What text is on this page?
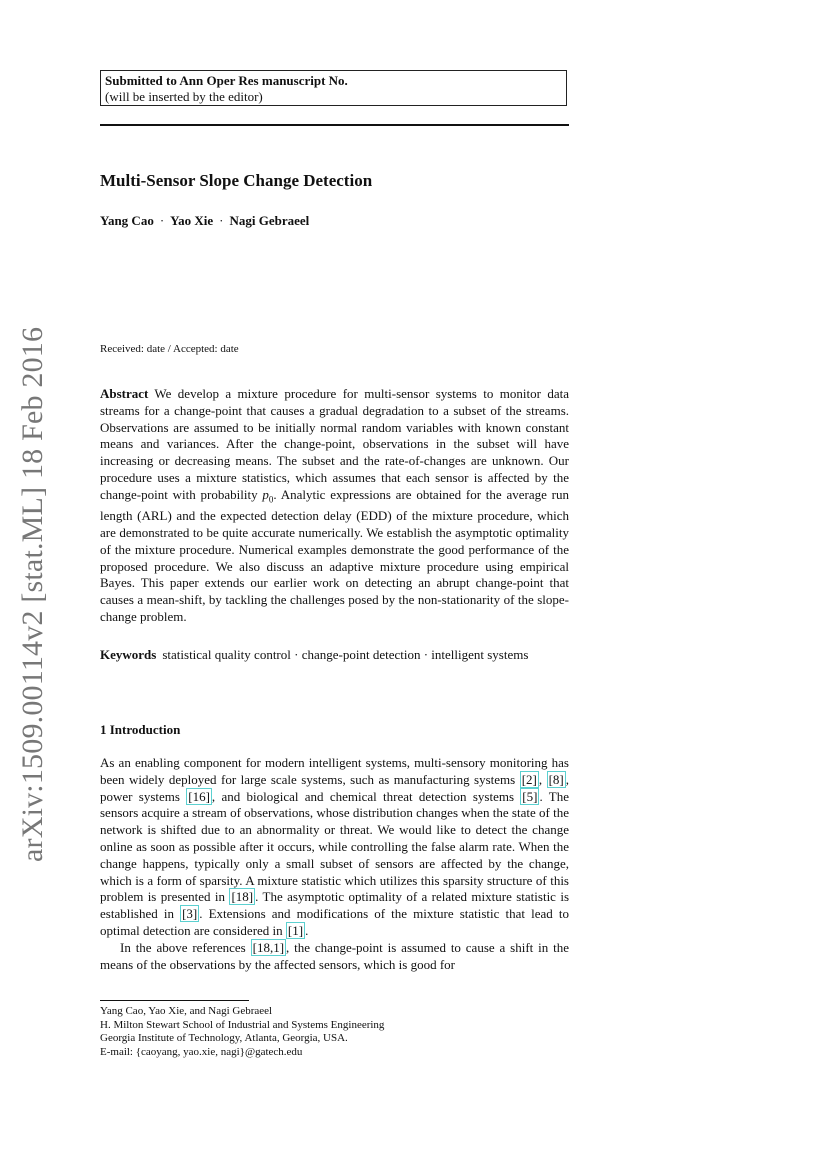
arXiv:1509.00114v2 [stat.ML] 18 Feb 2016
Submitted to Ann Oper Res manuscript No.
(will be inserted by the editor)
Multi-Sensor Slope Change Detection
Yang Cao · Yao Xie · Nagi Gebraeel
Received: date / Accepted: date
Abstract We develop a mixture procedure for multi-sensor systems to monitor data streams for a change-point that causes a gradual degradation to a subset of the streams. Observations are assumed to be initially normal random variables with known constant means and variances. After the change-point, observations in the subset will have increasing or decreasing means. The subset and the rate-of-changes are unknown. Our procedure uses a mixture statistics, which assumes that each sensor is affected by the change-point with probability $p_0$. Analytic expressions are obtained for the average run length (ARL) and the expected detection delay (EDD) of the mixture procedure, which are demonstrated to be quite accurate numerically. We establish the asymptotic optimality of the mixture procedure. Numerical examples demonstrate the good performance of the proposed procedure. We also discuss an adaptive mixture procedure using empirical Bayes. This paper extends our earlier work on detecting an abrupt change-point that causes a mean-shift, by tackling the challenges posed by the non-stationarity of the slope-change problem.
Keywords statistical quality control · change-point detection · intelligent systems
1 Introduction

As an enabling component for modern intelligent systems, multi-sensory monitoring has been widely deployed for large scale systems, such as manufacturing systems [2] , [8] , power systems [16] , and biological and chemical threat detection systems [5] . The sensors acquire a stream of observations, whose distribution changes when the state of the network is shifted due to an abnormality or threat. We would like to detect the change online as soon as possible after it occurs, while controlling the false alarm rate. When the change happens, typically only a small subset of sensors are affected by the change, which is a form of sparsity. A mixture statistic which utilizes this sparsity structure of this problem is presented in [18] . The asymptotic optimality of a related mixture statistic is established in [3] . Extensions and modifications of the mixture statistic that lead to optimal detection are considered in [1] .

In the above references [18,1] , the change-point is assumed to cause a shift in the means of the observations by the affected sensors, which is good for

Yang Cao, Yao Xie, and Nagi Gebraeel
H. Milton Stewart School of Industrial and Systems Engineering
Georgia Institute of Technology, Atlanta, Georgia, USA.
E-mail: {caoyang, yao.xie, nagi}@gatech.edu
